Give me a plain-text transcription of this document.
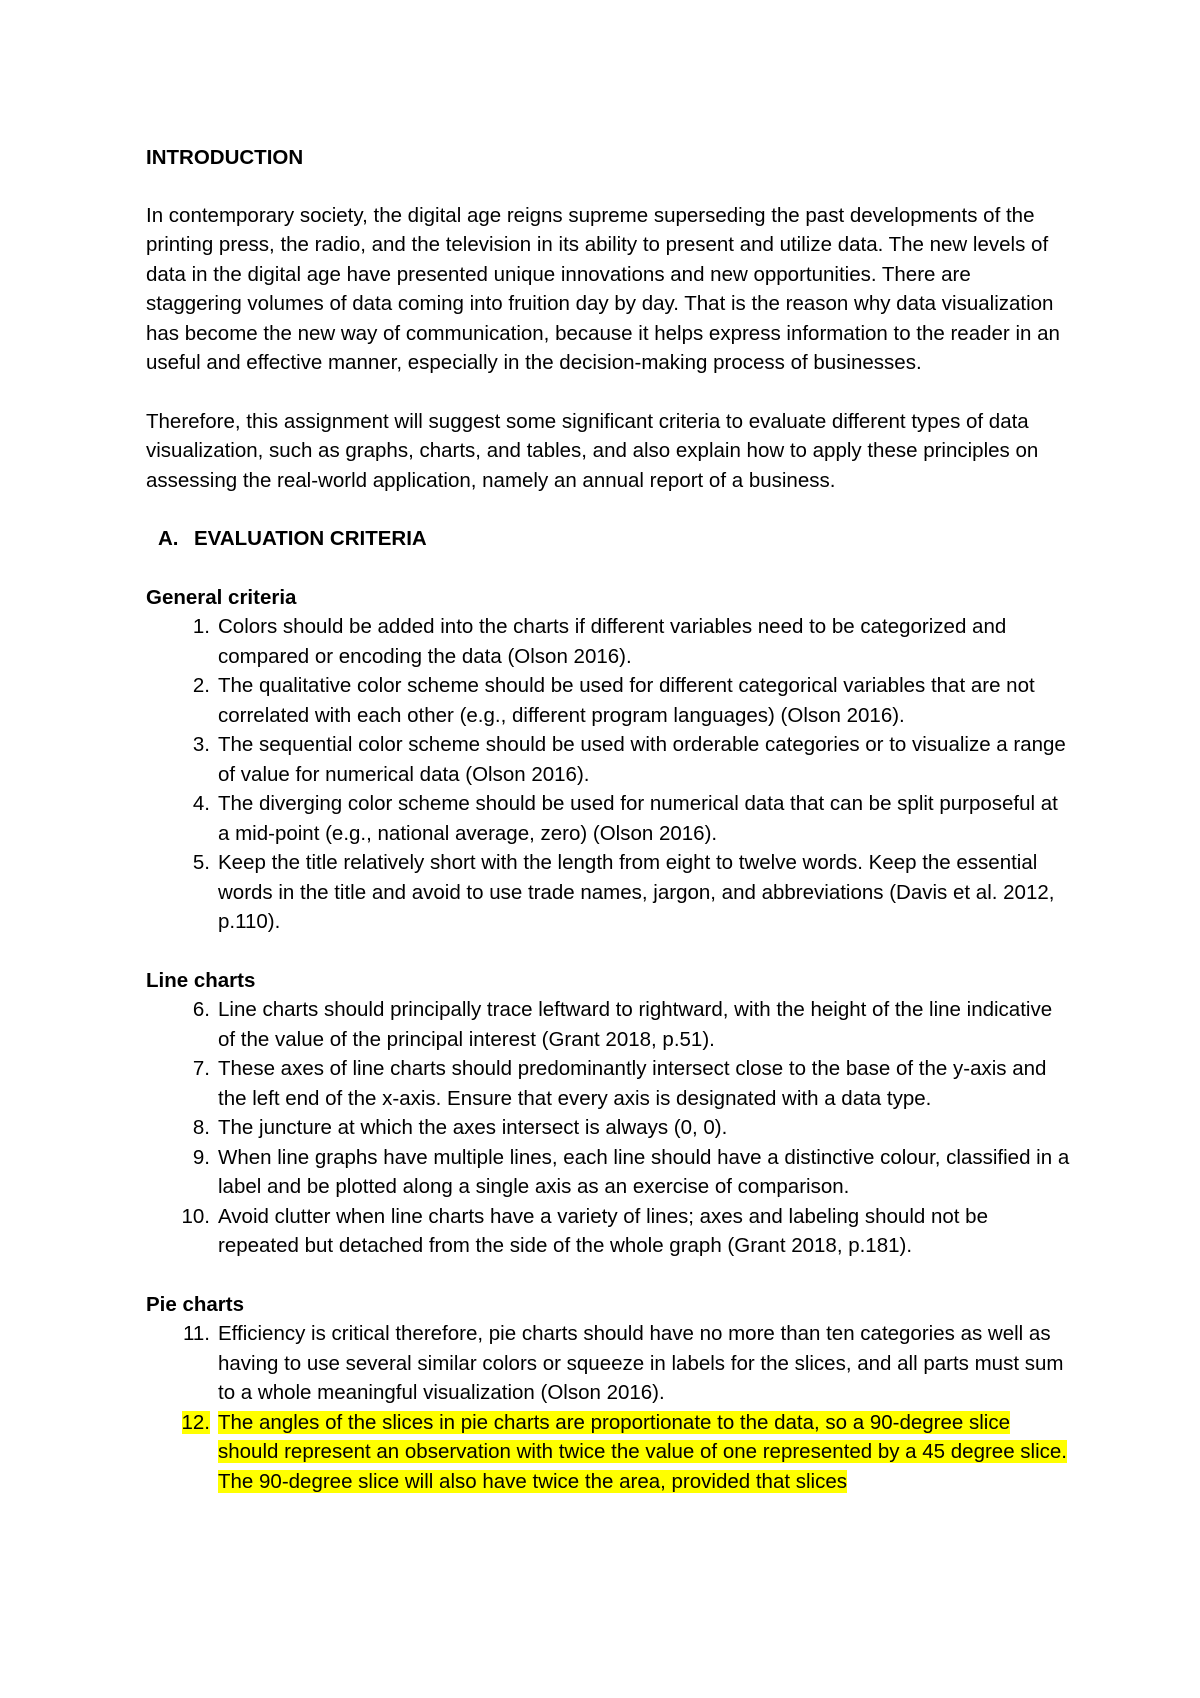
INTRODUCTION

In contemporary society, the digital age reigns supreme superseding the past developments of the printing press, the radio, and the television in its ability to present and utilize data. The new levels of data in the digital age have presented unique innovations and new opportunities. There are staggering volumes of data coming into fruition day by day. That is the reason why data visualization has become the new way of communication, because it helps express information to the reader in an useful and effective manner, especially in the decision-making process of businesses.

Therefore, this assignment will suggest some significant criteria to evaluate different types of data visualization, such as graphs, charts, and tables, and also explain how to apply these principles on assessing the real-world application, namely an annual report of a business.

A. EVALUATION CRITERIA

General criteria

1. Colors should be added into the charts if different variables need to be categorized and compared or encoding the data (Olson 2016).
2. The qualitative color scheme should be used for different categorical variables that are not correlated with each other (e.g., different program languages) (Olson 2016).
3. The sequential color scheme should be used with orderable categories or to visualize a range of value for numerical data (Olson 2016).
4. The diverging color scheme should be used for numerical data that can be split purposeful at a mid-point (e.g., national average, zero) (Olson 2016).
5. Keep the title relatively short with the length from eight to twelve words. Keep the essential words in the title and avoid to use trade names, jargon, and abbreviations (Davis et al. 2012, p.110).

Line charts

6. Line charts should principally trace leftward to rightward, with the height of the line indicative of the value of the principal interest (Grant 2018, p.51).
7. These axes of line charts should predominantly intersect close to the base of the y-axis and the left end of the x-axis. Ensure that every axis is designated with a data type.
8. The juncture at which the axes intersect is always (0, 0).
9. When line graphs have multiple lines, each line should have a distinctive colour, classified in a label and be plotted along a single axis as an exercise of comparison.
10. Avoid clutter when line charts have a variety of lines; axes and labeling should not be repeated but detached from the side of the whole graph (Grant 2018, p.181).

Pie charts

11. Efficiency is critical therefore, pie charts should have no more than ten categories as well as having to use several similar colors or squeeze in labels for the slices, and all parts must sum to a whole meaningful visualization (Olson 2016).
12. The angles of the slices in pie charts are proportionate to the data, so a 90-degree slice should represent an observation with twice the value of one represented by a 45 degree slice. The 90-degree slice will also have twice the area, provided that slices
